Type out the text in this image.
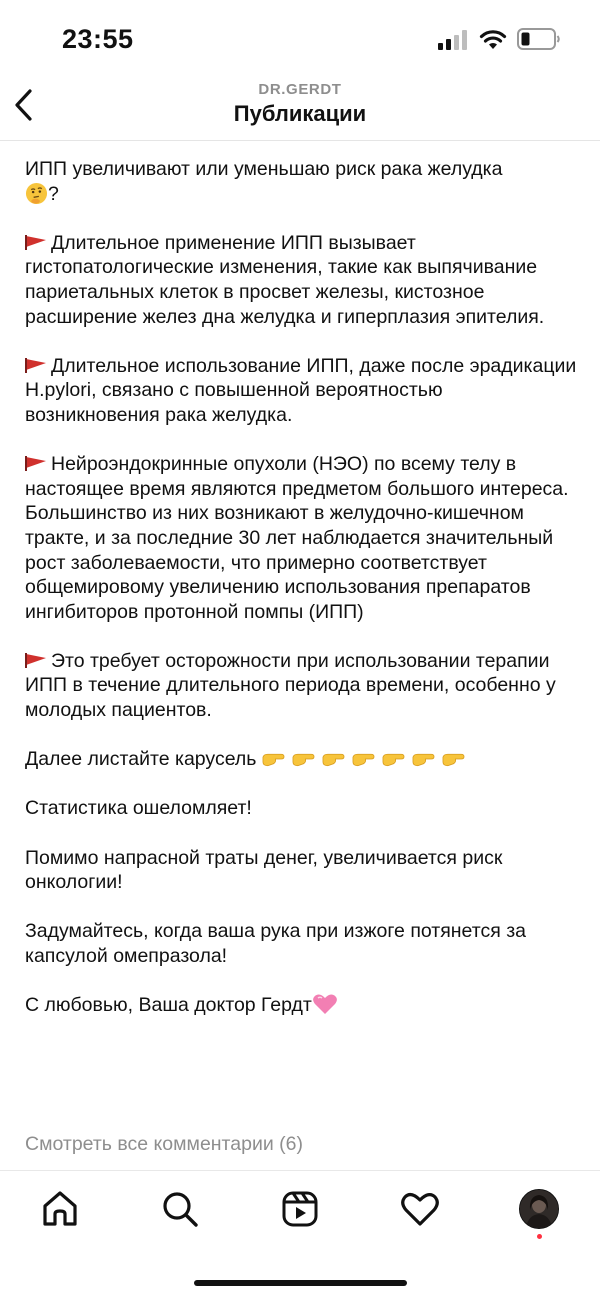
23:55
DR.GERDT
Публикации

ИПП увеличивают или уменьшаю риск рака желудка
?

Длительное применение ИПП вызывает гистопатологические изменения, такие как выпячивание париетальных клеток в просвет железы, кистозное расширение желез дна желудка и гиперплазия эпителия.

Длительное использование ИПП, даже после эрадикации H.pylori, связано с повышенной вероятностью возникновения рака желудка.

Нейроэндокринные опухоли (НЭО) по всему телу в настоящее время являются предметом большого интереса. Большинство из них возникают в желудочно-кишечном тракте, и за последние 30 лет наблюдается значительный рост заболеваемости, что примерно соответствует общемировому увеличению использования препаратов ингибиторов протонной помпы (ИПП)

Это требует осторожности при использовании терапии ИПП в течение длительного периода времени, особенно у молодых пациентов.

Далее листайте карусель

Статистика ошеломляет!

Помимо напрасной траты денег, увеличивается риск онкологии!

Задумайтесь, когда ваша рука при изжоге потянется за капсулой омепразола!

С любовью, Ваша доктор Гердт

Смотреть все комментарии (6)
